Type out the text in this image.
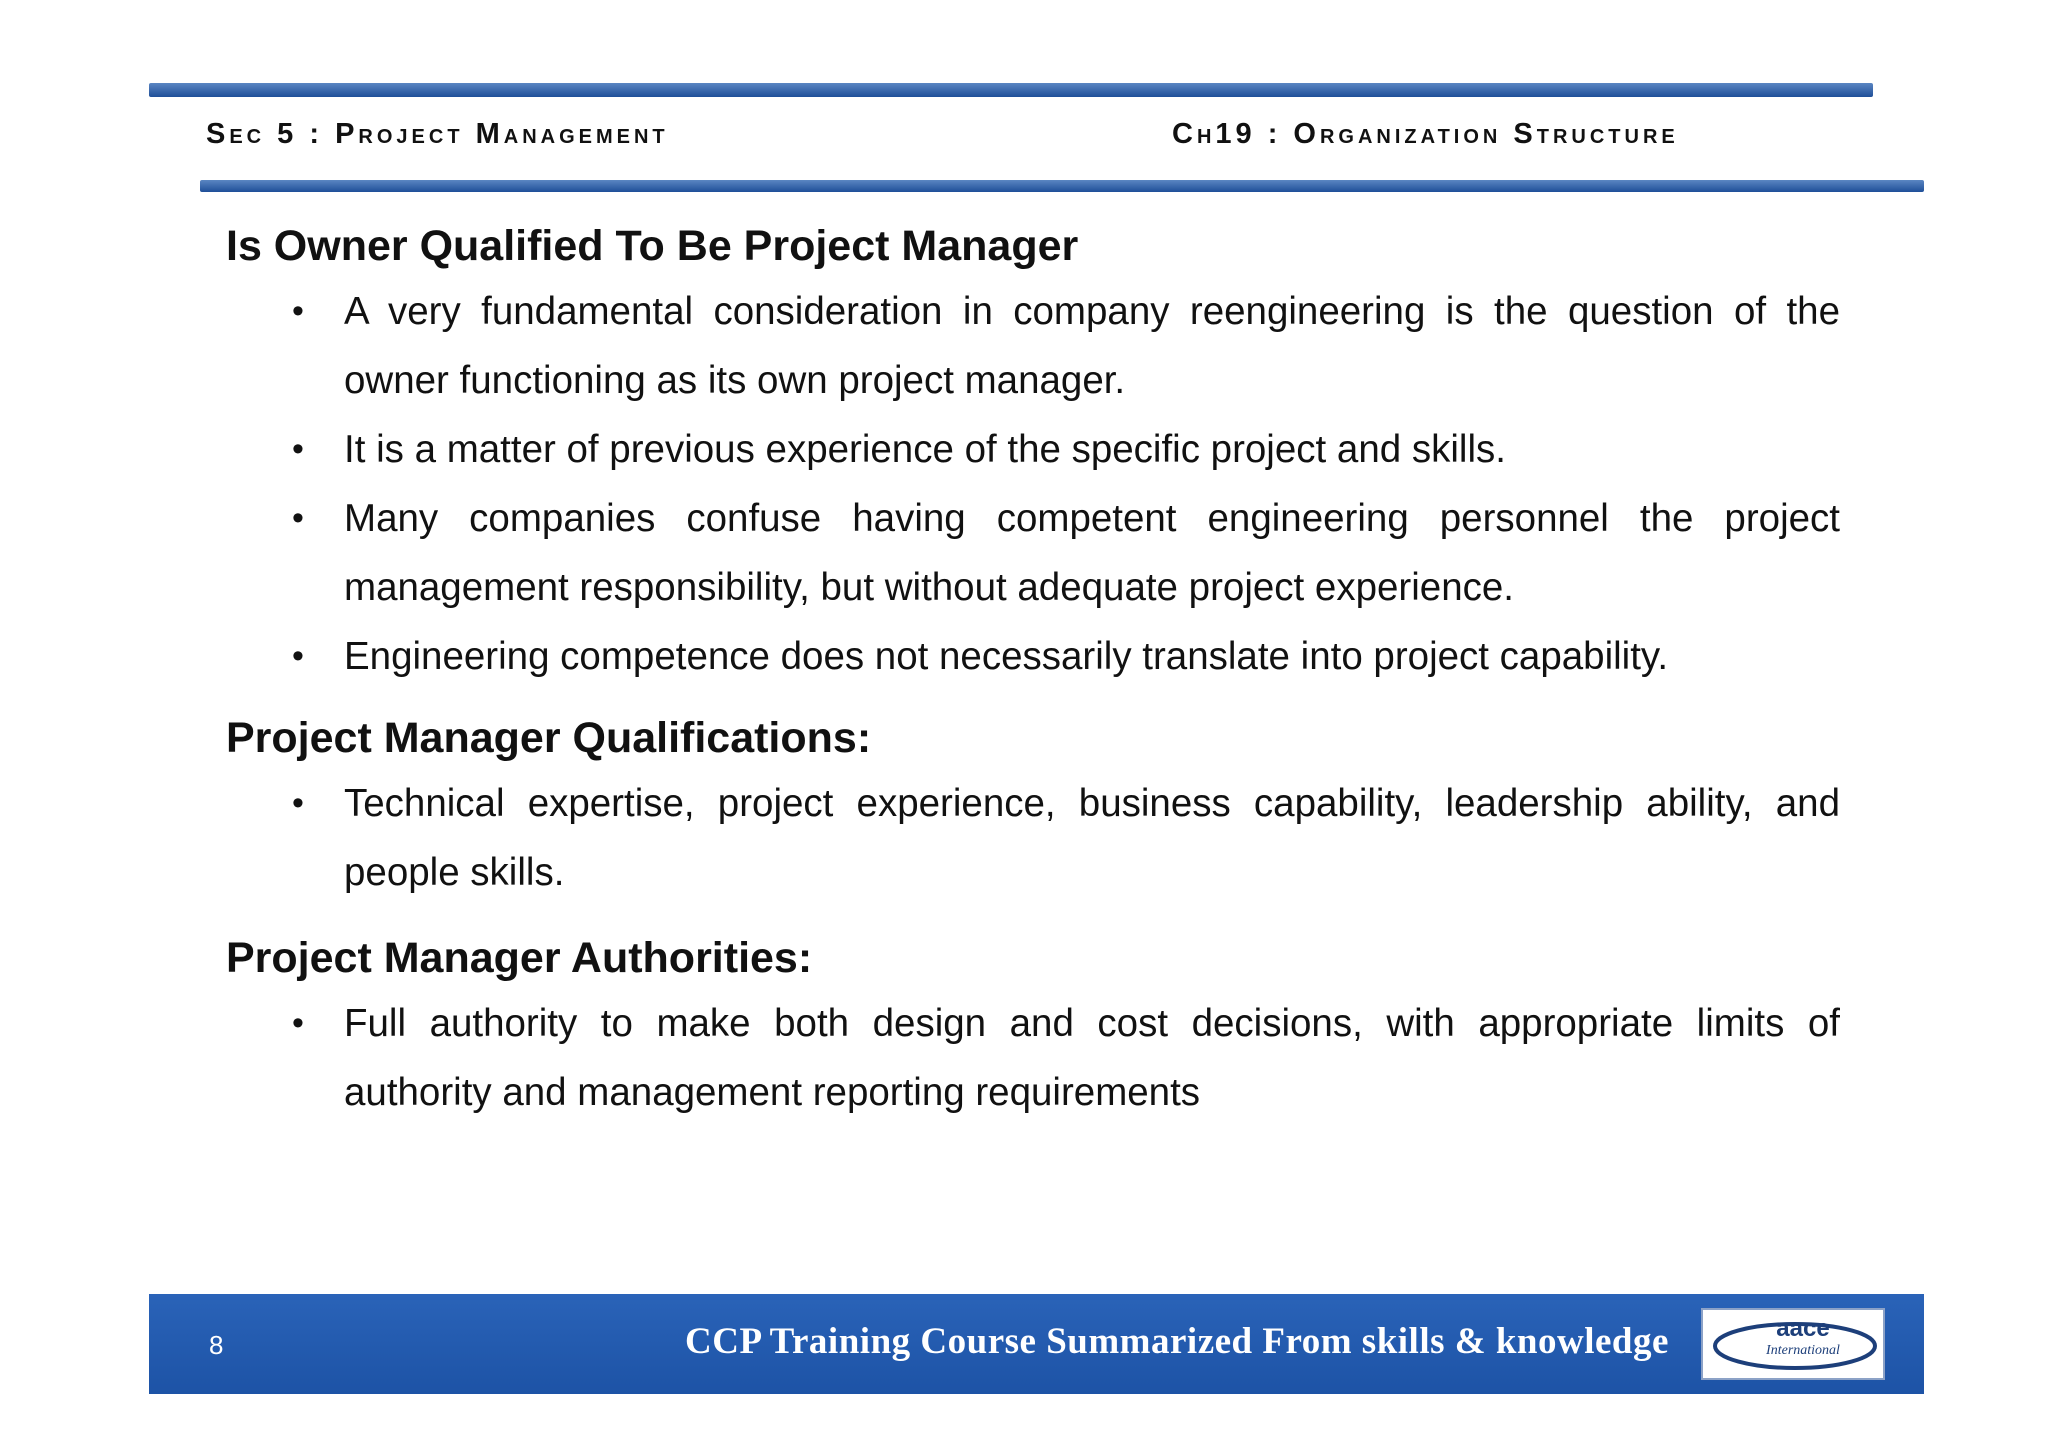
Sec 5 : Project Management	Ch19 : Organization Structure
Is Owner Qualified To Be Project Manager
• A very fundamental consideration in company reengineering is the question of the owner functioning as its own project manager.
• It is a matter of previous experience of the specific project and skills.
• Many companies confuse having competent engineering personnel the project management responsibility, but without adequate project experience.
• Engineering competence does not necessarily translate into project capability.
Project Manager Qualifications:
• Technical expertise, project experience, business capability, leadership ability, and people skills.
Project Manager Authorities:
• Full authority to make both design and cost decisions, with appropriate limits of authority and management reporting requirements
8	CCP Training Course Summarized From skills & knowledge	aace
International
